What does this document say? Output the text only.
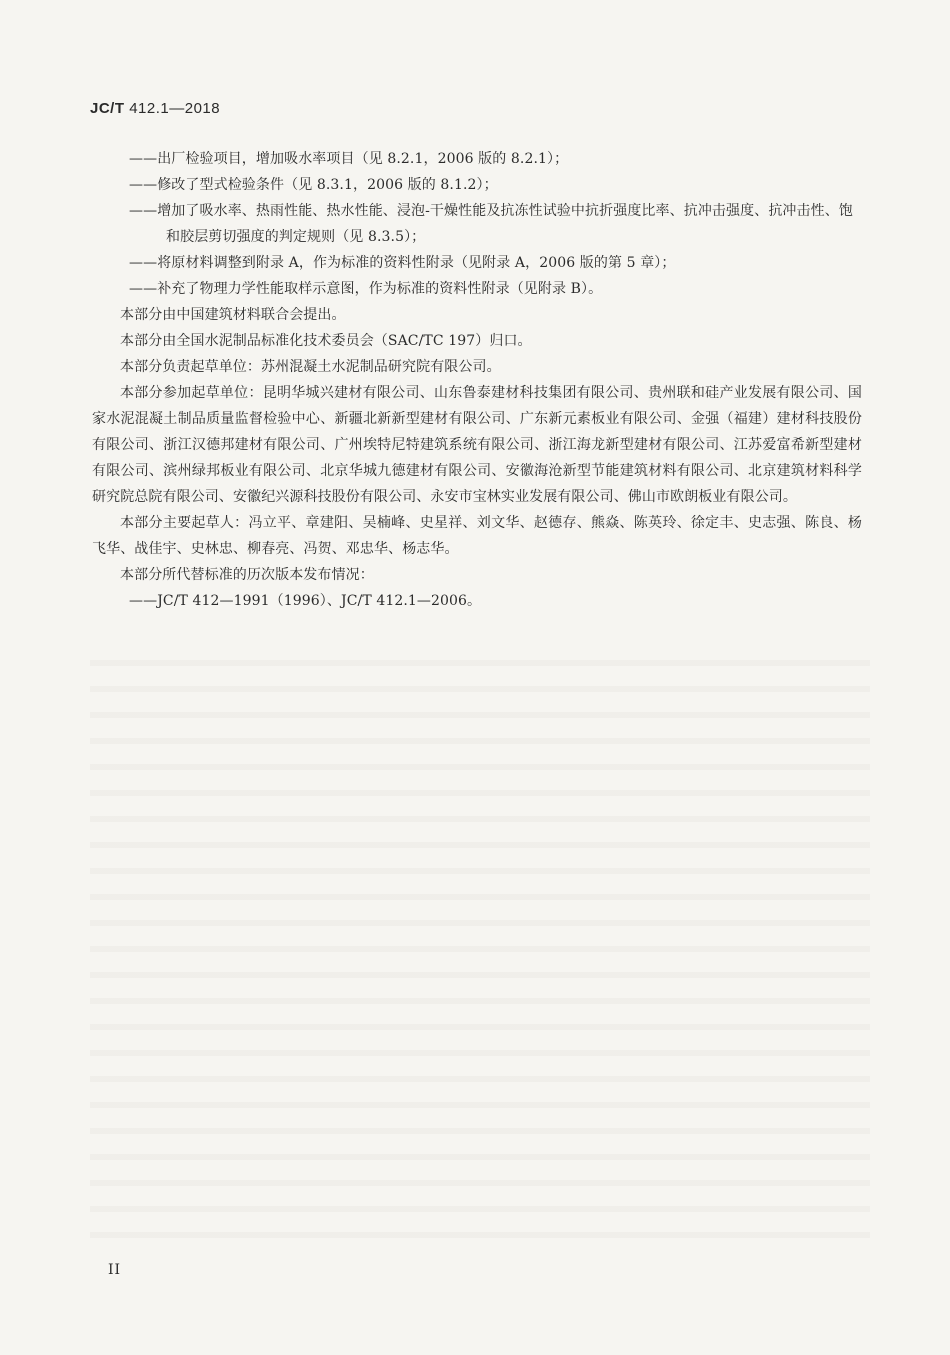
JC/T 412.1—2018

——出厂检验项目，增加吸水率项目（见 8.2.1，2006 版的 8.2.1）；

——修改了型式检验条件（见 8.3.1，2006 版的 8.1.2）；

——增加了吸水率、热雨性能、热水性能、浸泡-干燥性能及抗冻性试验中抗折强度比率、抗冲击强度、抗冲击性、饱和胶层剪切强度的判定规则（见 8.3.5）；

——将原材料调整到附录 A，作为标准的资料性附录（见附录 A，2006 版的第 5 章）；

——补充了物理力学性能取样示意图，作为标准的资料性附录（见附录 B）。

本部分由中国建筑材料联合会提出。

本部分由全国水泥制品标准化技术委员会（SAC/TC 197）归口。

本部分负责起草单位：苏州混凝土水泥制品研究院有限公司。

本部分参加起草单位：昆明华城兴建材有限公司、山东鲁泰建材科技集团有限公司、贵州联和硅产业发展有限公司、国家水泥混凝土制品质量监督检验中心、新疆北新新型建材有限公司、广东新元素板业有限公司、金强（福建）建材科技股份有限公司、浙江汉德邦建材有限公司、广州埃特尼特建筑系统有限公司、浙江海龙新型建材有限公司、江苏爱富希新型建材有限公司、滨州绿邦板业有限公司、北京华城九德建材有限公司、安徽海沧新型节能建筑材料有限公司、北京建筑材料科学研究院总院有限公司、安徽纪兴源科技股份有限公司、永安市宝林实业发展有限公司、佛山市欧朗板业有限公司。

本部分主要起草人：冯立平、章建阳、吴楠峰、史星祥、刘文华、赵德存、熊焱、陈英玲、徐定丰、史志强、陈良、杨飞华、战佳宇、史林忠、柳春亮、冯贺、邓忠华、杨志华。

本部分所代替标准的历次版本发布情况：

——JC/T 412—1991（1996）、JC/T 412.1—2006。

II
